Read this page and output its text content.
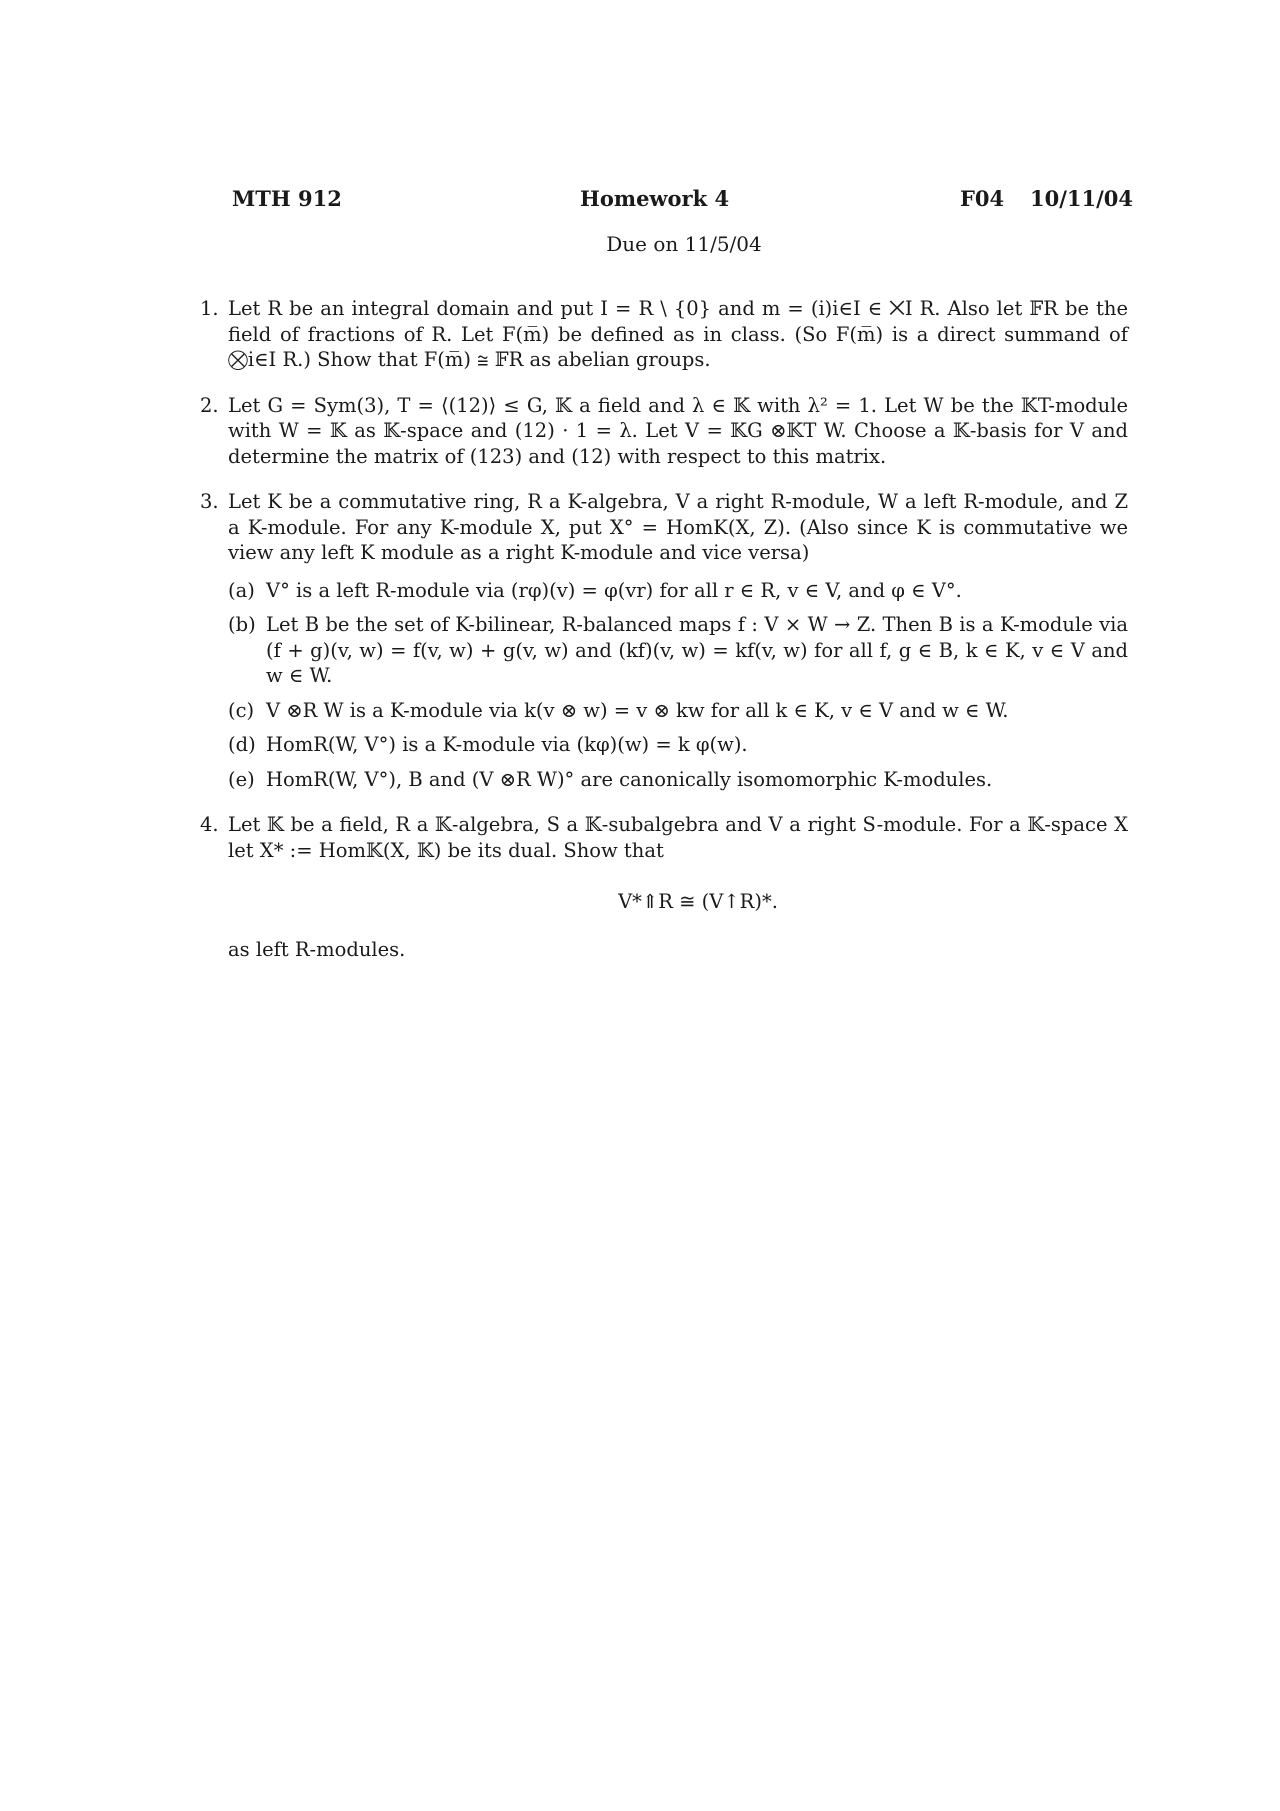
MTH 912	Homework 4	F04 10/11/04
Due on 11/5/04
1. Let R be an integral domain and put I = R \ {0} and m = (i)i∈I ∈ ⨉I R. Also let 𝔽R be the field of fractions of R. Let F(m̅) be defined as in class. (So F(m̅) is a direct summand of ⨂i∈I R.) Show that F(m̅) ≅ 𝔽R as abelian groups.
2. Let G = Sym(3), T = ⟨(12)⟩ ≤ G, 𝕂 a field and λ ∈ 𝕂 with λ² = 1. Let W be the 𝕂T-module with W = 𝕂 as 𝕂-space and (12) · 1 = λ. Let V = 𝕂G ⊗𝕂T W. Choose a 𝕂-basis for V and determine the matrix of (123) and (12) with respect to this matrix.
3. Let K be a commutative ring, R a K-algebra, V a right R-module, W a left R-module, and Z a K-module. For any K-module X, put X° = HomK(X, Z). (Also since K is commutative we view any left K module as a right K-module and vice versa)
(a) V° is a left R-module via (rφ)(v) = φ(vr) for all r ∈ R, v ∈ V, and φ ∈ V°.
(b) Let B be the set of K-bilinear, R-balanced maps f : V × W → Z. Then B is a K-module via (f + g)(v, w) = f(v, w) + g(v, w) and (kf)(v, w) = kf(v, w) for all f, g ∈ B, k ∈ K, v ∈ V and w ∈ W.
(c) V ⊗R W is a K-module via k(v ⊗ w) = v ⊗ kw for all k ∈ K, v ∈ V and w ∈ W.
(d) HomR(W, V°) is a K-module via (kφ)(w) = k φ(w).
(e) HomR(W, V°), B and (V ⊗R W)° are canonically isomomorphic K-modules.
4. Let 𝕂 be a field, R a 𝕂-algebra, S a 𝕂-subalgebra and V a right S-module. For a 𝕂-space X let X* := Hom𝕂(X, 𝕂) be its dual. Show that
V*⇑R ≅ (V↑R)*.
as left R-modules.
